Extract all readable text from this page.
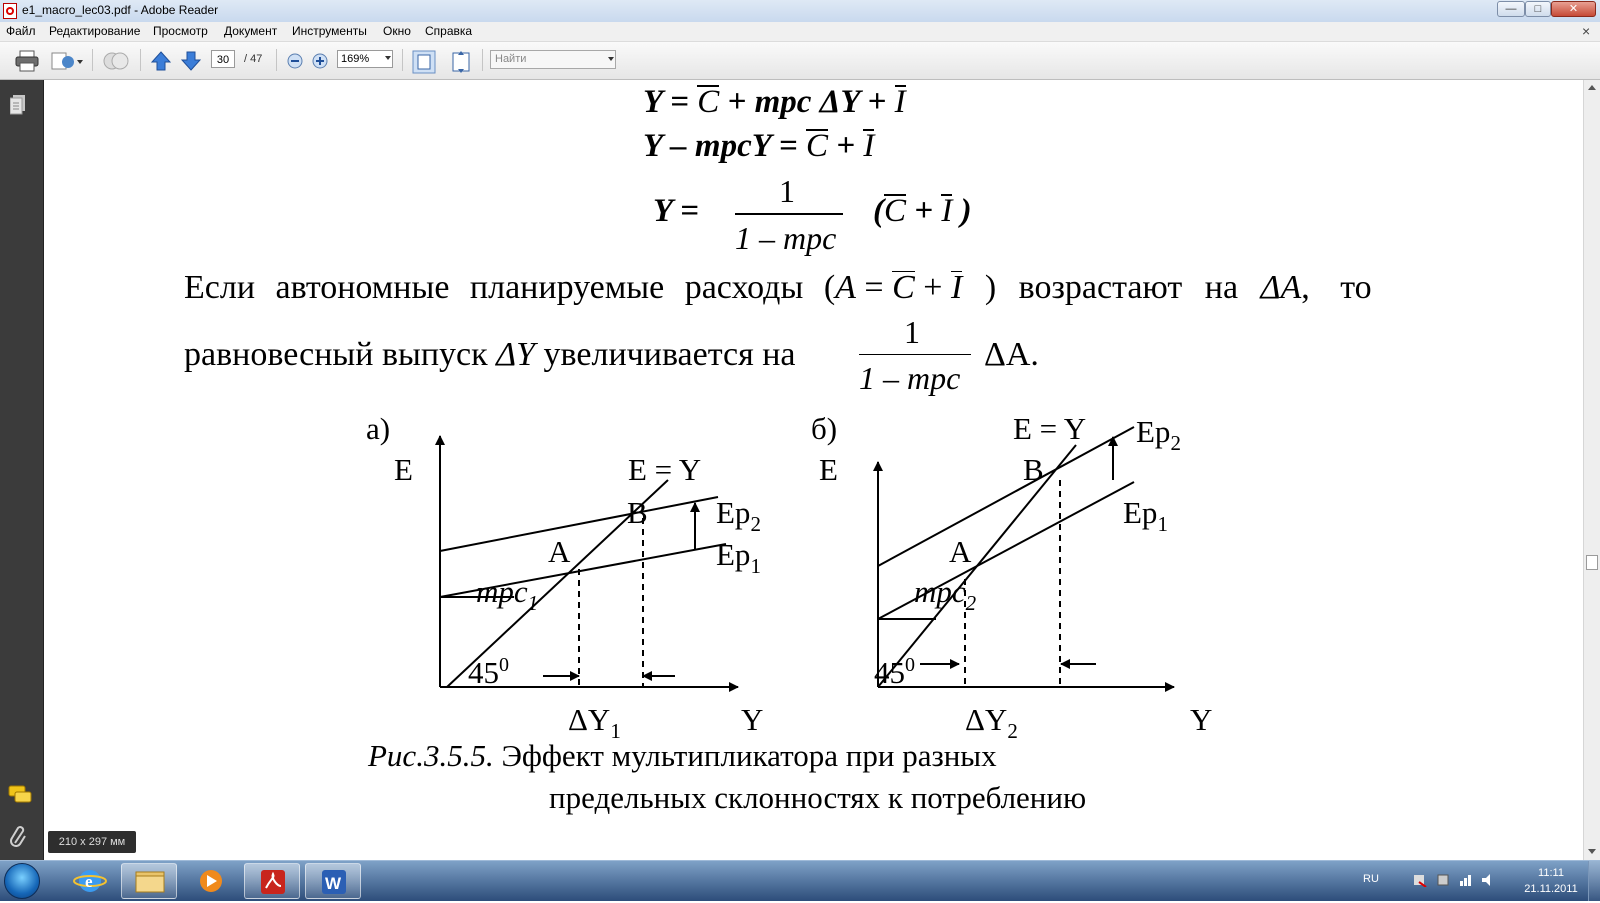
e1_macro_lec03.pdf - Adobe Reader	—	□	✕
Файл Редактирование Просмотр Документ Инструменты Окно Справка	×
30	/ 47	169%	Найти
Y = C + mpc ΔY + I
Y – mpcY = C + I
Y =
1
1 – mpc
(C + I )
Если автономные планируемые расходы (A = C + I ) возрастают на ΔA, то
равновесный выпуск ΔY увеличивается на
1
1 – mpc
ΔA.
а)
E
Y
E = Y
$Ep_2$
$Ep_1$
A
B
mpc$_1$
$45^0$
$\Delta Y_1$
б)
E
Y
E = Y $Ep_2$
$Ep_1$
A
B
mpc$_2$
$45^0$
$\Delta Y_2$
Рис.3.5.5. Эффект мультипликатора при разных
предельных склонностях к потреблению
210 x 297 мм
e	W	RU	11:11
21.11.2011
